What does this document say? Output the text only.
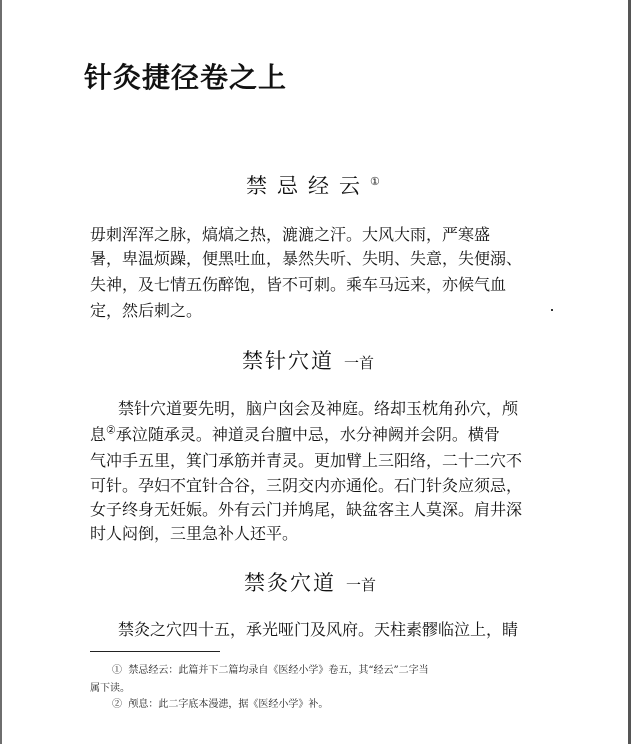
针灸捷径卷之上
禁忌经云①

毋刺浑浑之脉，熇熇之热，漉漉之汗。大风大雨，严寒盛

暑，卑温烦躁，便黑吐血，暴然失听、失明、失意，失便溺、

失神，及七情五伤醉饱，皆不可刺。乘车马远来，亦候气血

定，然后刺之。

禁针穴道 一首

禁针穴道要先明，脑户囟会及神庭。络却玉枕角孙穴，颅

息②承泣随承灵。神道灵台膻中忌，水分神阙并会阴。横骨

气冲手五里，箕门承筋并青灵。更加臂上三阳络，二十二穴不

可针。孕妇不宜针合谷，三阴交内亦通伦。石门针灸应须忌，

女子终身无妊娠。外有云门并鸠尾，缺盆客主人莫深。肩井深

时人闷倒，三里急补人还平。

禁灸穴道 一首

禁灸之穴四十五，承光哑门及风府。天柱素髎临泣上，睛

① 禁忌经云：此篇并下二篇均录自《医经小学》卷五，其“经云”二字当

属下读。

② 颅息：此二字底本漫漶，据《医经小学》补。
